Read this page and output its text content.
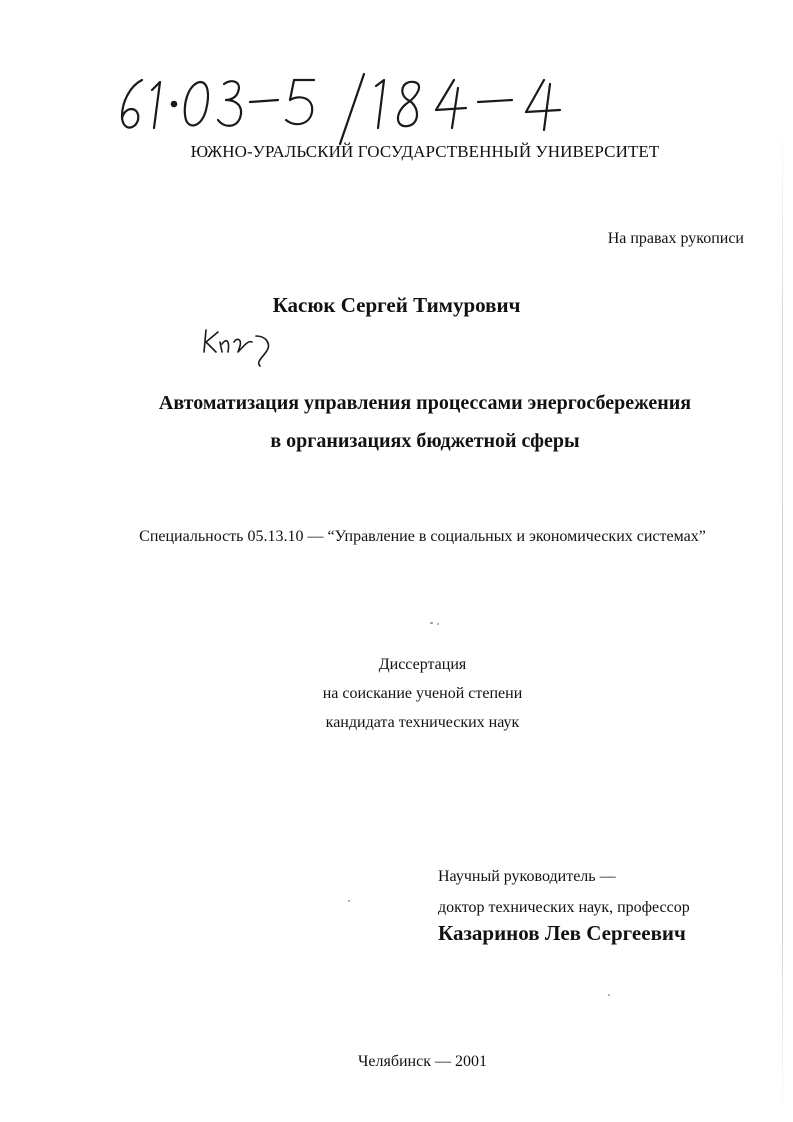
ЮЖНО-УРАЛЬСКИЙ ГОСУДАРСТВЕННЫЙ УНИВЕРСИТЕТ
На правах рукописи
Касюк Сергей Тимурович
Автоматизация управления процессами энергосбережения
в организациях бюджетной сферы
Специальность 05.13.10 — “Управление в социальных и экономических системах”
Диссертация
на соискание ученой степени
кандидата технических наук
Научный руководитель —
доктор технических наук, профессор
Казаринов Лев Сергеевич
Челябинск — 2001
